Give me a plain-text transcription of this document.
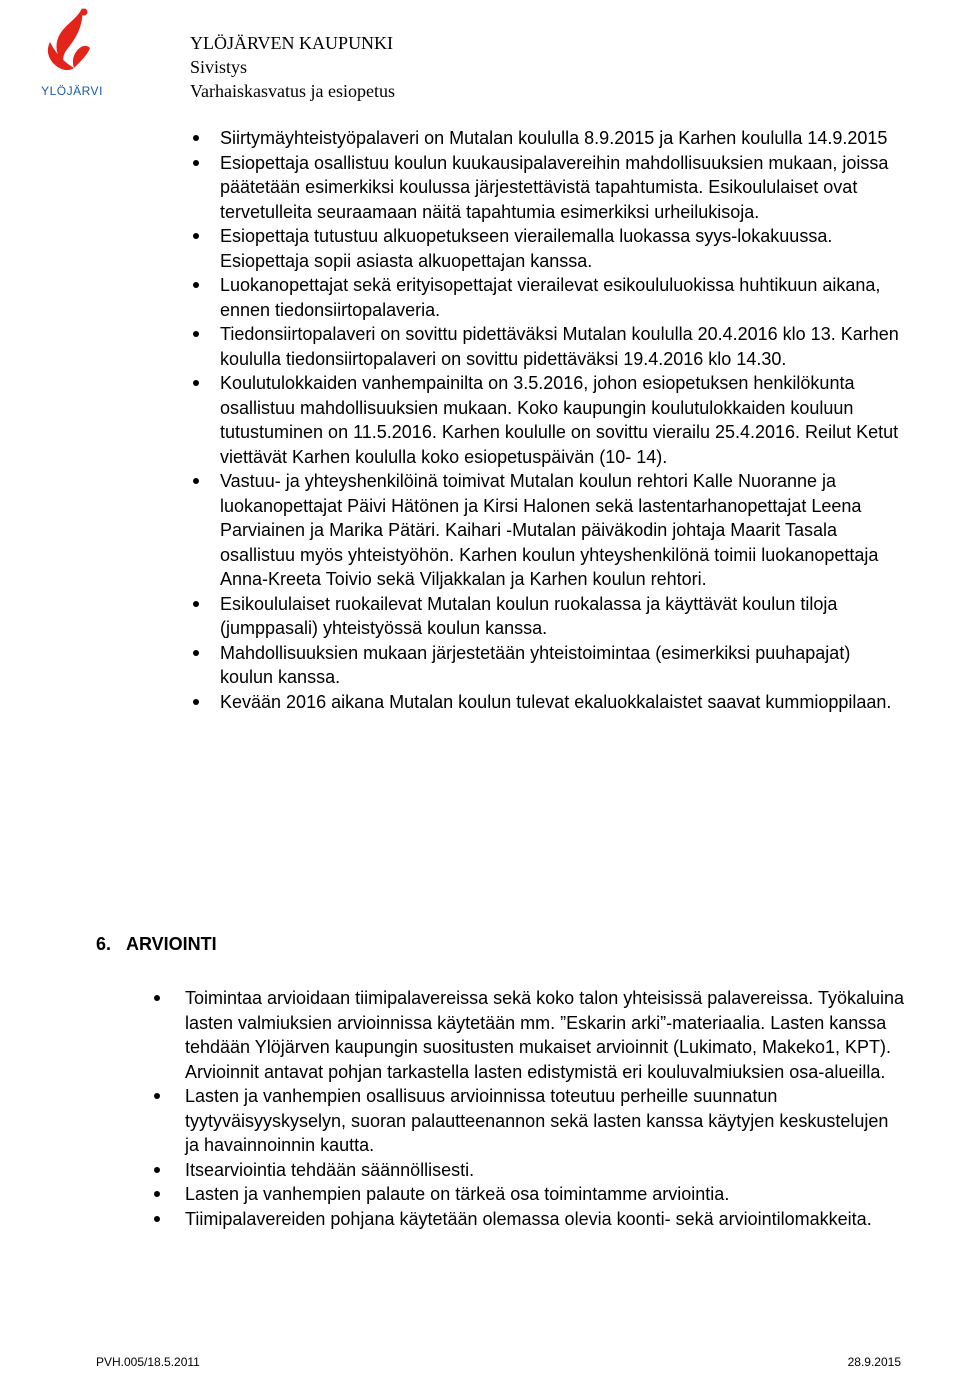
YLÖJÄRVI
YLÖJÄRVEN KAUPUNKI
Sivistys
Varhaiskasvatus ja esiopetus
Siirtymäyhteistyöpalaveri on Mutalan koululla 8.9.2015 ja Karhen koululla 14.9.2015
Esiopettaja osallistuu koulun kuukausipalavereihin mahdollisuuksien mukaan, joissa päätetään esimerkiksi koulussa järjestettävistä tapahtumista. Esikoululaiset ovat tervetulleita seuraamaan näitä tapahtumia esimerkiksi urheilukisoja.
Esiopettaja tutustuu alkuopetukseen vierailemalla luokassa syys-lokakuussa. Esiopettaja sopii asiasta alkuopettajan kanssa.
Luokanopettajat sekä erityisopettajat vierailevat esikoululuokissa huhtikuun aikana, ennen tiedonsiirtopalaveria.
Tiedonsiirtopalaveri on sovittu pidettäväksi Mutalan koululla 20.4.2016 klo 13. Karhen koululla tiedonsiirtopalaveri on sovittu pidettäväksi 19.4.2016 klo 14.30.
Koulutulokkaiden vanhempainilta on 3.5.2016, johon esiopetuksen henkilökunta osallistuu mahdollisuuksien mukaan. Koko kaupungin koulutulokkaiden kouluun tutustuminen on 11.5.2016. Karhen koululle on sovittu vierailu 25.4.2016. Reilut Ketut viettävät Karhen koululla koko esiopetuspäivän (10- 14).
Vastuu- ja yhteyshenkilöinä toimivat Mutalan koulun rehtori Kalle Nuoranne ja luokanopettajat Päivi Hätönen ja Kirsi Halonen sekä lastentarhanopettajat Leena Parviainen ja Marika Pätäri. Kaihari -Mutalan päiväkodin johtaja Maarit Tasala osallistuu myös yhteistyöhön. Karhen koulun yhteyshenkilönä toimii luokanopettaja Anna-Kreeta Toivio sekä Viljakkalan ja Karhen koulun rehtori.
Esikoululaiset ruokailevat Mutalan koulun ruokalassa ja käyttävät koulun tiloja (jumppasali) yhteistyössä koulun kanssa.
Mahdollisuuksien mukaan järjestetään yhteistoimintaa (esimerkiksi puuhapajat) koulun kanssa.
Kevään 2016 aikana Mutalan koulun tulevat ekaluokkalaistet saavat kummioppilaan.
6. ARVIOINTI
Toimintaa arvioidaan tiimipalavereissa sekä koko talon yhteisissä palavereissa. Työkaluina lasten valmiuksien arvioinnissa käytetään mm. ”Eskarin arki”-materiaalia. Lasten kanssa tehdään Ylöjärven kaupungin suositusten mukaiset arvioinnit (Lukimato, Makeko1, KPT). Arvioinnit antavat pohjan tarkastella lasten edistymistä eri kouluvalmiuksien osa-alueilla.
Lasten ja vanhempien osallisuus arvioinnissa toteutuu perheille suunnatun tyytyväisyyskyselyn, suoran palautteenannon sekä lasten kanssa käytyjen keskustelujen ja havainnoinnin kautta.
Itsearviointia tehdään säännöllisesti.
Lasten ja vanhempien palaute on tärkeä osa toimintamme arviointia.
Tiimipalavereiden pohjana käytetään olemassa olevia koonti- sekä arviointilomakkeita.
PVH.005/18.5.2011	28.9.2015
